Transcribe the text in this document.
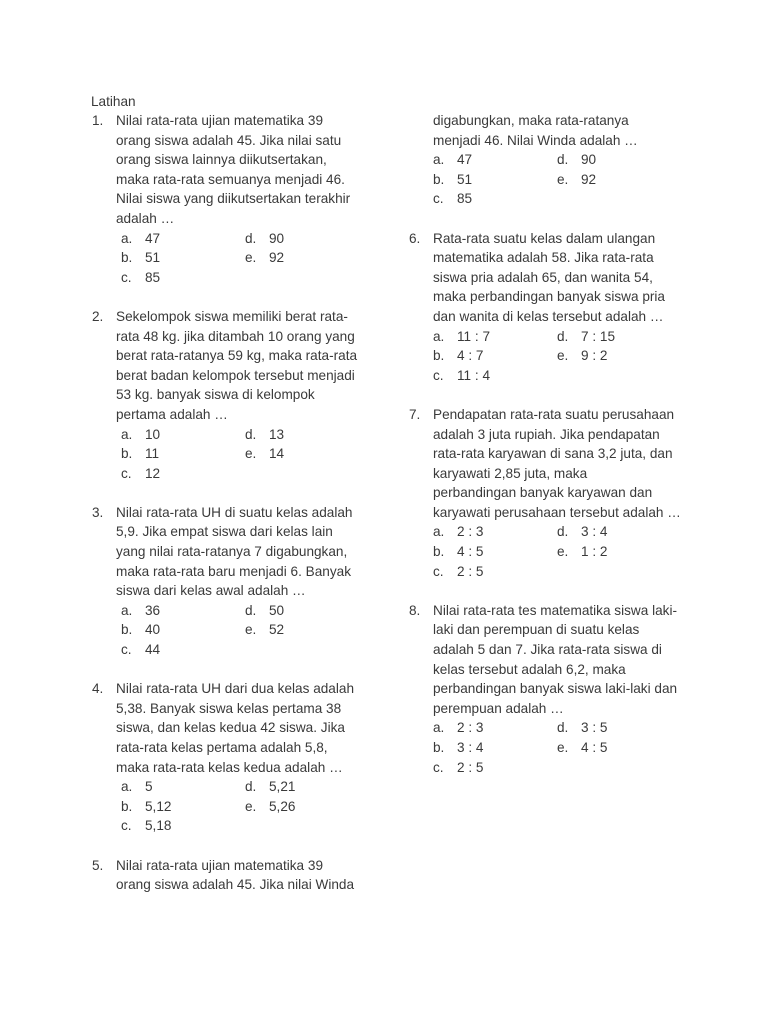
Latihan
1. Nilai rata-rata ujian matematika 39
orang siswa adalah 45. Jika nilai satu
orang siswa lainnya diikutsertakan,
maka rata-rata semuanya menjadi 46.
Nilai siswa yang diikutsertakan terakhir
adalah …
a. 47	d. 90
b. 51	e. 92
c. 85
2. Sekelompok siswa memiliki berat rata-
rata 48 kg. jika ditambah 10 orang yang
berat rata-ratanya 59 kg, maka rata-rata
berat badan kelompok tersebut menjadi
53 kg. banyak siswa di kelompok
pertama adalah …
a. 10	d. 13
b. 11	e. 14
c. 12
3. Nilai rata-rata UH di suatu kelas adalah
5,9. Jika empat siswa dari kelas lain
yang nilai rata-ratanya 7 digabungkan,
maka rata-rata baru menjadi 6. Banyak
siswa dari kelas awal adalah …
a. 36	d. 50
b. 40	e. 52
c. 44
4. Nilai rata-rata UH dari dua kelas adalah
5,38. Banyak siswa kelas pertama 38
siswa, dan kelas kedua 42 siswa. Jika
rata-rata kelas pertama adalah 5,8,
maka rata-rata kelas kedua adalah …
a. 5	d. 5,21
b. 5,12	e. 5,26
c. 5,18
5. Nilai rata-rata ujian matematika 39
orang siswa adalah 45. Jika nilai Winda
digabungkan, maka rata-ratanya
menjadi 46. Nilai Winda adalah …
a. 47	d. 90
b. 51	e. 92
c. 85
6. Rata-rata suatu kelas dalam ulangan
matematika adalah 58. Jika rata-rata
siswa pria adalah 65, dan wanita 54,
maka perbandingan banyak siswa pria
dan wanita di kelas tersebut adalah …
a. 11 : 7	d. 7 : 15
b. 4 : 7	e. 9 : 2
c. 11 : 4
7. Pendapatan rata-rata suatu perusahaan
adalah 3 juta rupiah. Jika pendapatan
rata-rata karyawan di sana 3,2 juta, dan
karyawati 2,85 juta, maka
perbandingan banyak karyawan dan
karyawati perusahaan tersebut adalah …
a. 2 : 3	d. 3 : 4
b. 4 : 5	e. 1 : 2
c. 2 : 5
8. Nilai rata-rata tes matematika siswa laki-
laki dan perempuan di suatu kelas
adalah 5 dan 7. Jika rata-rata siswa di
kelas tersebut adalah 6,2, maka
perbandingan banyak siswa laki-laki dan
perempuan adalah …
a. 2 : 3	d. 3 : 5
b. 3 : 4	e. 4 : 5
c. 2 : 5
